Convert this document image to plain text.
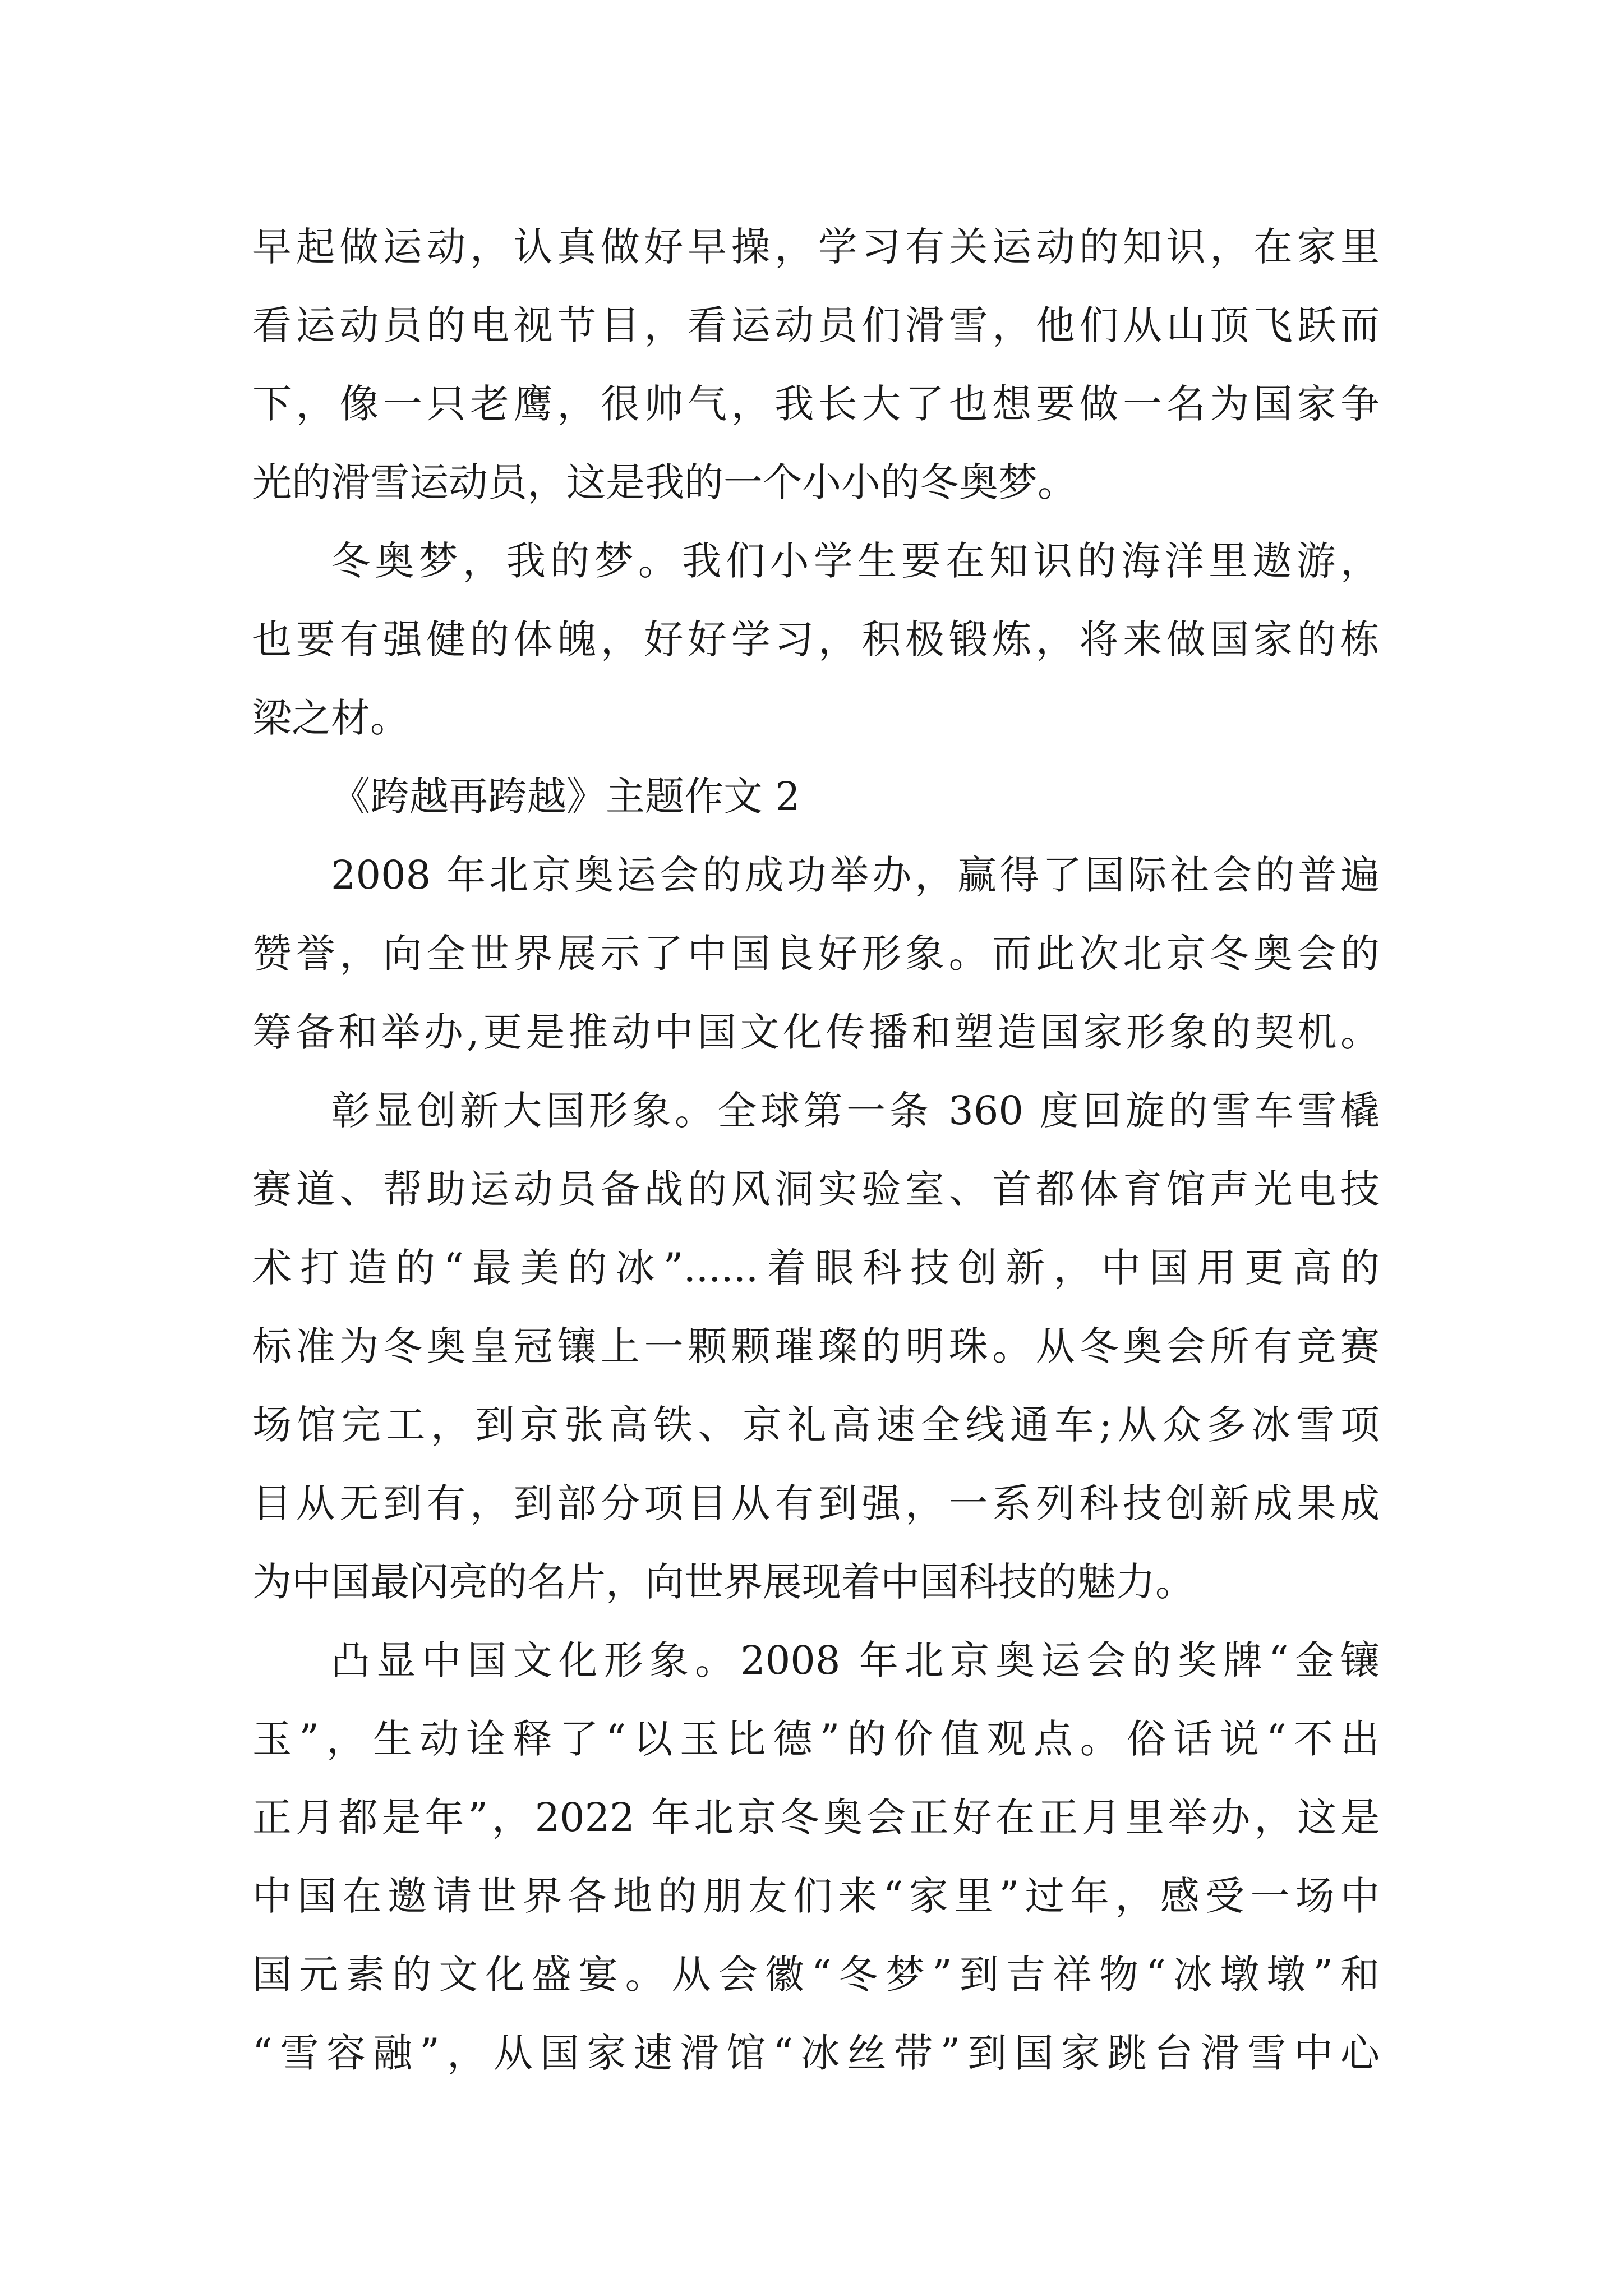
早起做运动，认真做好早操，学习有关运动的知识，在家里
看运动员的电视节目，看运动员们滑雪，他们从山顶飞跃而
下，像一只老鹰，很帅气，我长大了也想要做一名为国家争
光的滑雪运动员，这是我的一个小小的冬奥梦。
冬奥梦，我的梦。我们小学生要在知识的海洋里遨游，
也要有强健的体魄，好好学习，积极锻炼，将来做国家的栋
梁之材。
《跨越再跨越》主题作文 2
2008 年北京奥运会的成功举办，赢得了国际社会的普遍
赞誉，向全世界展示了中国良好形象。而此次北京冬奥会的
筹备和举办,更是推动中国文化传播和塑造国家形象的契机。
彰显创新大国形象。全球第一条 360 度回旋的雪车雪橇
赛道、帮助运动员备战的风洞实验室、首都体育馆声光电技
术打造的“最美的冰”......着眼科技创新，中国用更高的
标准为冬奥皇冠镶上一颗颗璀璨的明珠。从冬奥会所有竞赛
场馆完工，到京张高铁、京礼高速全线通车;从众多冰雪项
目从无到有，到部分项目从有到强，一系列科技创新成果成
为中国最闪亮的名片，向世界展现着中国科技的魅力。
凸显中国文化形象。2008 年北京奥运会的奖牌“金镶
玉”，生动诠释了“以玉比德”的价值观点。俗话说“不出
正月都是年”，2022 年北京冬奥会正好在正月里举办，这是
中国在邀请世界各地的朋友们来“家里”过年，感受一场中
国元素的文化盛宴。从会徽“冬梦”到吉祥物“冰墩墩”和
“雪容融”，从国家速滑馆“冰丝带”到国家跳台滑雪中心
